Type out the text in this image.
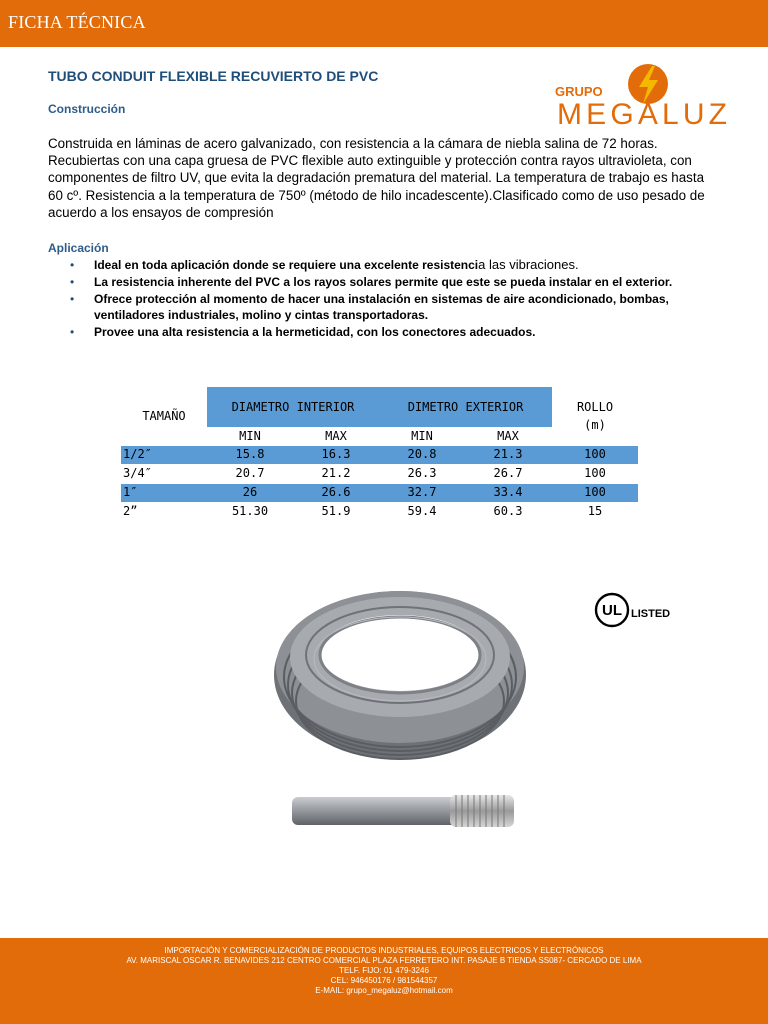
FICHA TÉCNICA
TUBO CONDUIT FLEXIBLE RECUVIERTO DE PVC
GRUPO
MEGALUZ
Construcción
Construida en láminas de acero galvanizado, con resistencia a la cámara de niebla salina de 72 horas. Recubiertas con una capa gruesa de PVC flexible auto extinguible y protección contra rayos ultravioleta, con componentes de filtro UV, que evita la degradación prematura del material. La temperatura de trabajo es hasta 60 cº. Resistencia a la temperatura de 750º (método de hilo incadescente).Clasificado como de uso pesado de acuerdo a los ensayos de compresión
Aplicación
• Ideal en toda aplicación donde se requiere una excelente resistencia las vibraciones.
• La resistencia inherente del PVC a los rayos solares permite que este se pueda instalar en el exterior.
• Ofrece protección al momento de hacer una instalación en sistemas de aire acondicionado, bombas, ventiladores industriales, molino y cintas transportadoras.
• Provee una alta resistencia a la hermeticidad, con los conectores adecuados.
TAMAÑO
DIAMETRO INTERIOR	DIMETRO EXTERIOR	ROLLO
(m)
MIN	MAX	MIN	MAX
1/2″	15.8	16.3	20.8	21.3	100
3/4″	20.7	21.2	26.3	26.7	100
1″	26	26.6	32.7	33.4	100
2”	51.30	51.9	59.4	60.3	15
UL LISTED
IMPORTACIÓN Y COMERCIALIZACIÓN DE PRODUCTOS INDUSTRIALES, EQUIPOS ELECTRICOS Y ELECTRÓNICOS
AV. MARISCAL OSCAR R. BENAVIDES 212 CENTRO COMERCIAL PLAZA FERRETERO INT. PASAJE B TIENDA SS087- CERCADO DE LIMA
TELF. FIJO: 01 479-3246
CEL: 946450176 / 981544357
E-MAIL: grupo_megaluz@hotmail.com
